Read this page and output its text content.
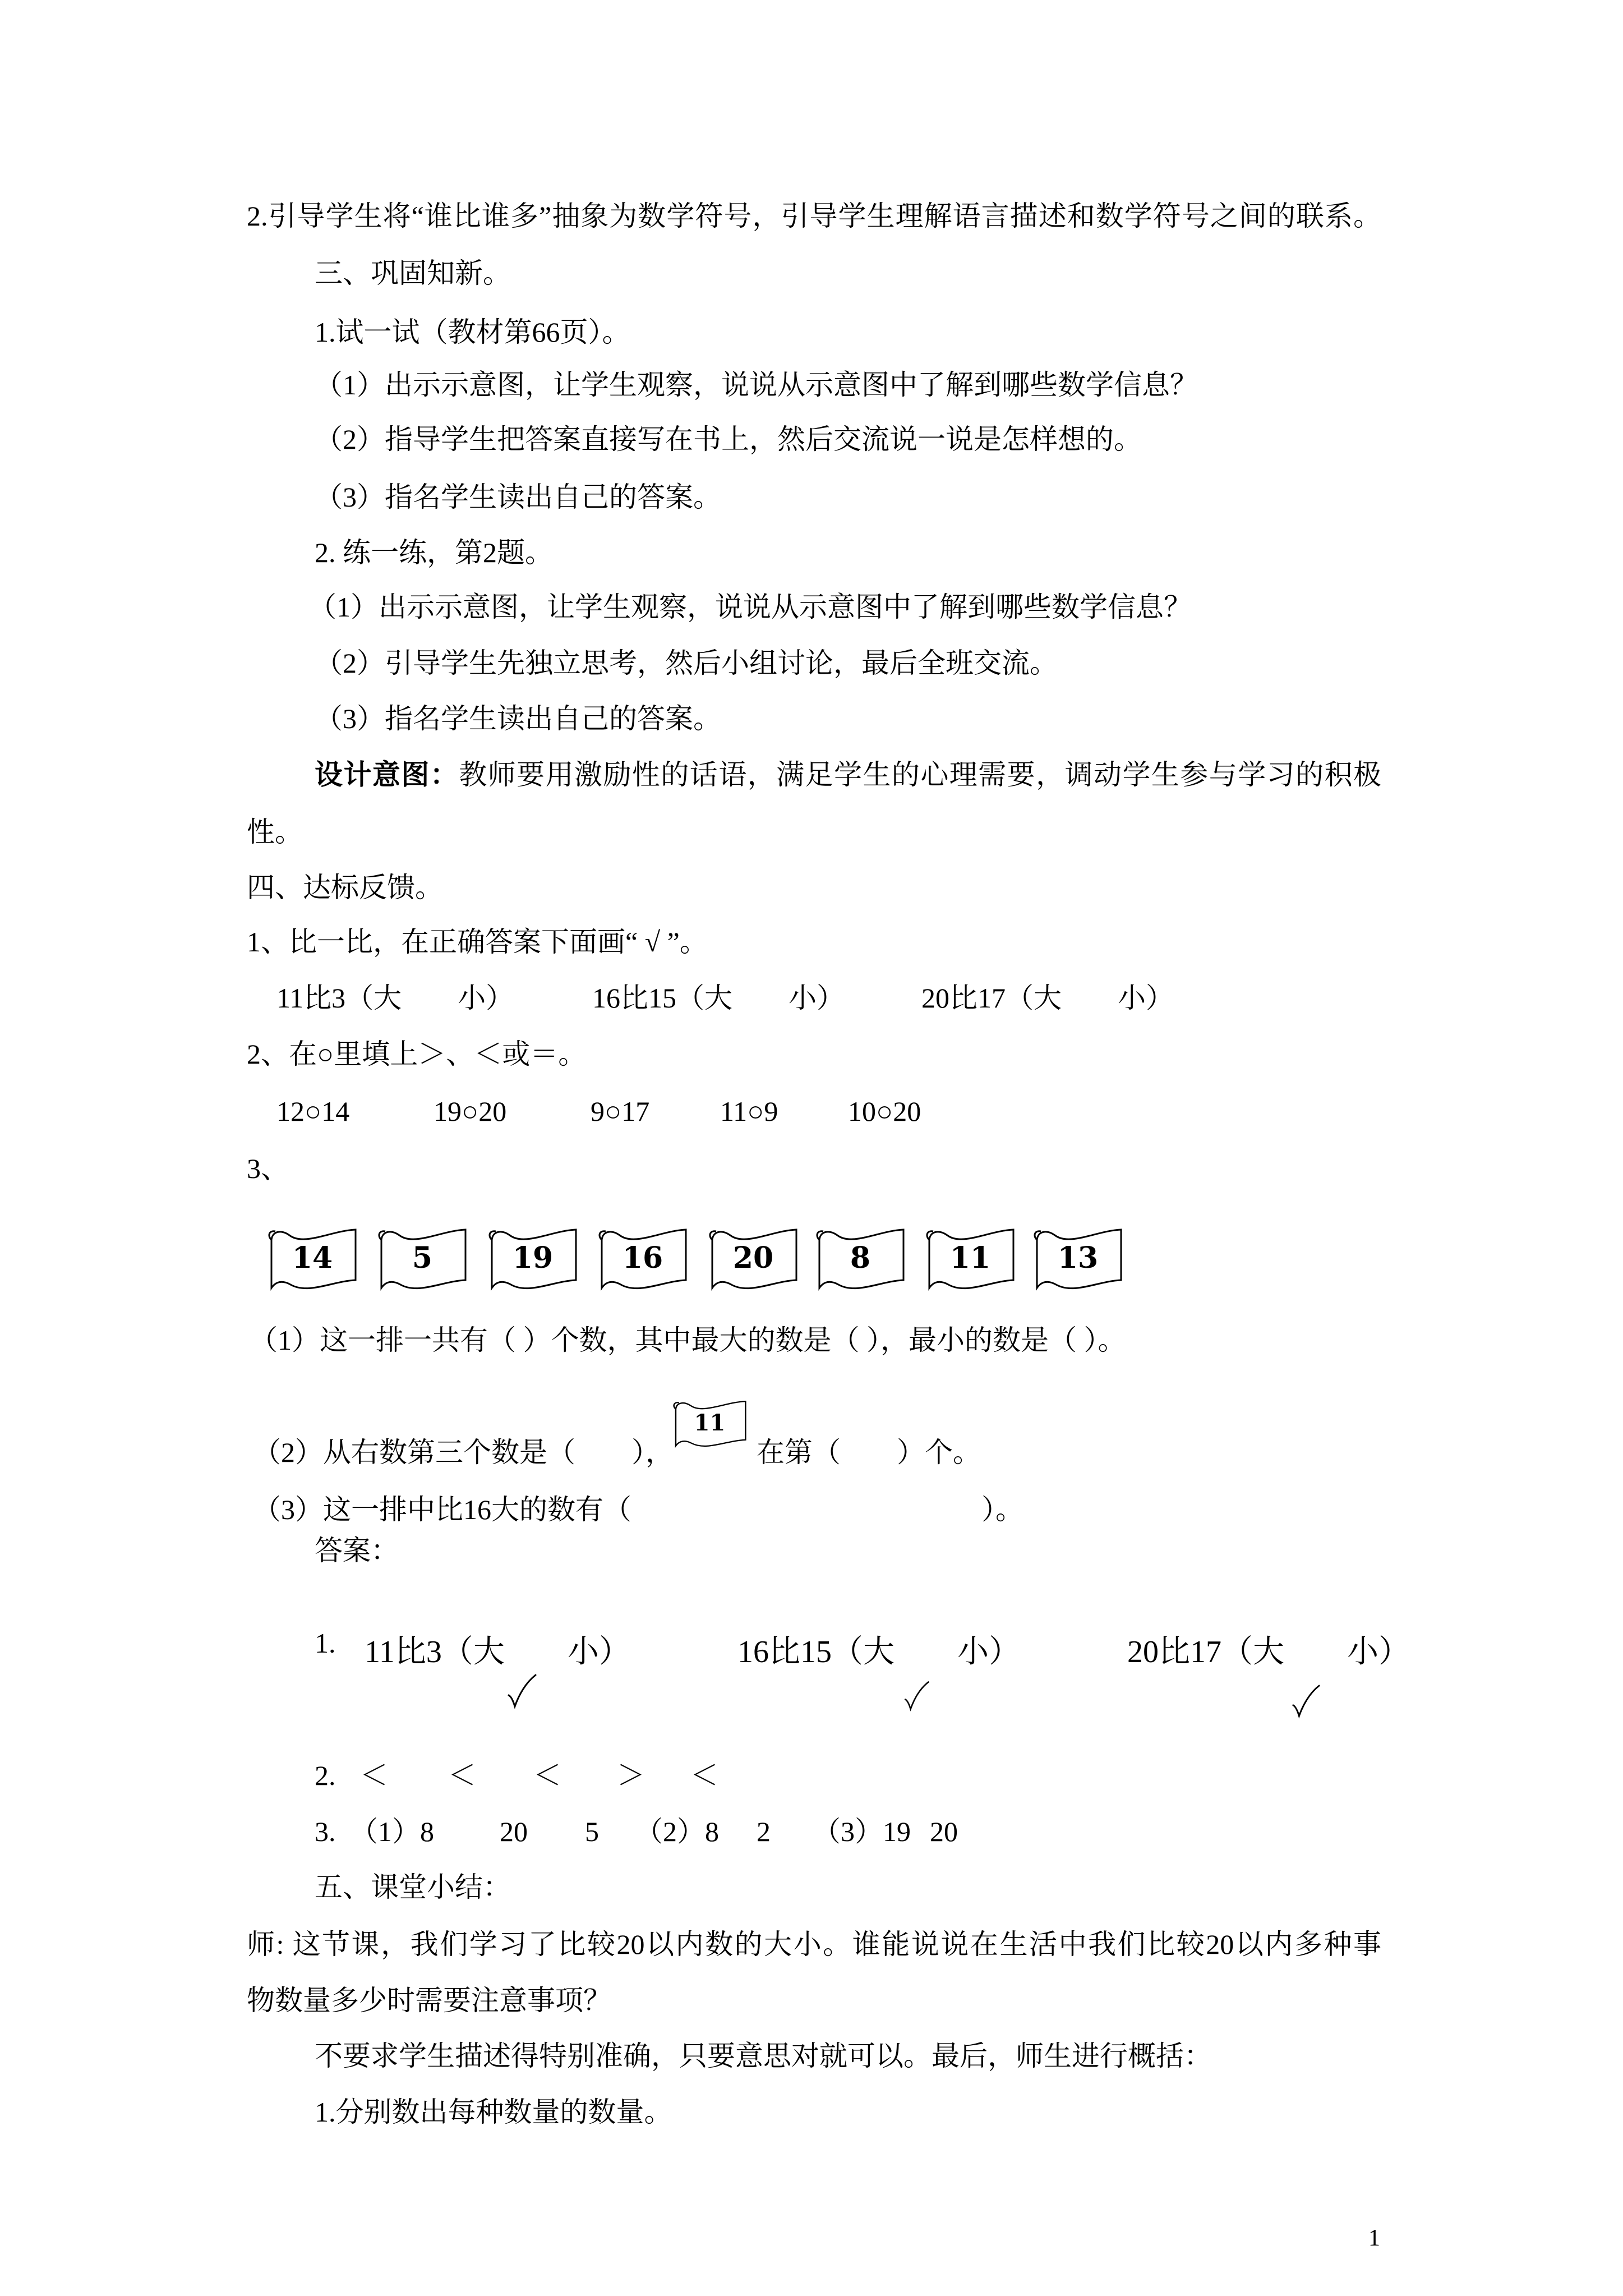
2.引导学生将“谁比谁多”抽象为数学符号，引导学生理解语言描述和数学符号之间的联系。
三、巩固知新。
1.试一试（教材第66页）。
（1）出示示意图，让学生观察，说说从示意图中了解到哪些数学信息？
（2）指导学生把答案直接写在书上，然后交流说一说是怎样想的。
（3）指名学生读出自己的答案。
2. 练一练，第2题。
（1）出示示意图，让学生观察，说说从示意图中了解到哪些数学信息？
（2）引导学生先独立思考，然后小组讨论，最后全班交流。
（3）指名学生读出自己的答案。
设计意图：教师要用激励性的话语，满足学生的心理需要，调动学生参与学习的积极
性。
四、达标反馈。
1、比一比，在正确答案下面画“ √ ”。
11比3（大　　小）	16比15（大　　小）	20比17（大　　小）
2、在○里填上＞、＜或＝。
12○14	19○20	9○17	11○9 10○20
3、
14	5	19	16	20	8	11	13
（1）这一排一共有（ ）个数，其中最大的数是（ ），最小的数是（ ）。
（2）从右数第三个数是（　　），	在第（　　）个。
11
（3）这一排中比16大的数有（	）。
答案：
1. 11比3（大　　小）	16比15（大　　小）	20比17（大　　小）
2. ＜ ＜ ＜ ＞ ＜
3. （1）8 20 5 （2）8 2 （3）19 20
五、课堂小结：
师: 这节课，我们学习了比较20以内数的大小。谁能说说在生活中我们比较20以内多种事
物数量多少时需要注意事项？
不要求学生描述得特别准确，只要意思对就可以。最后，师生进行概括：
1.分别数出每种数量的数量。
1
